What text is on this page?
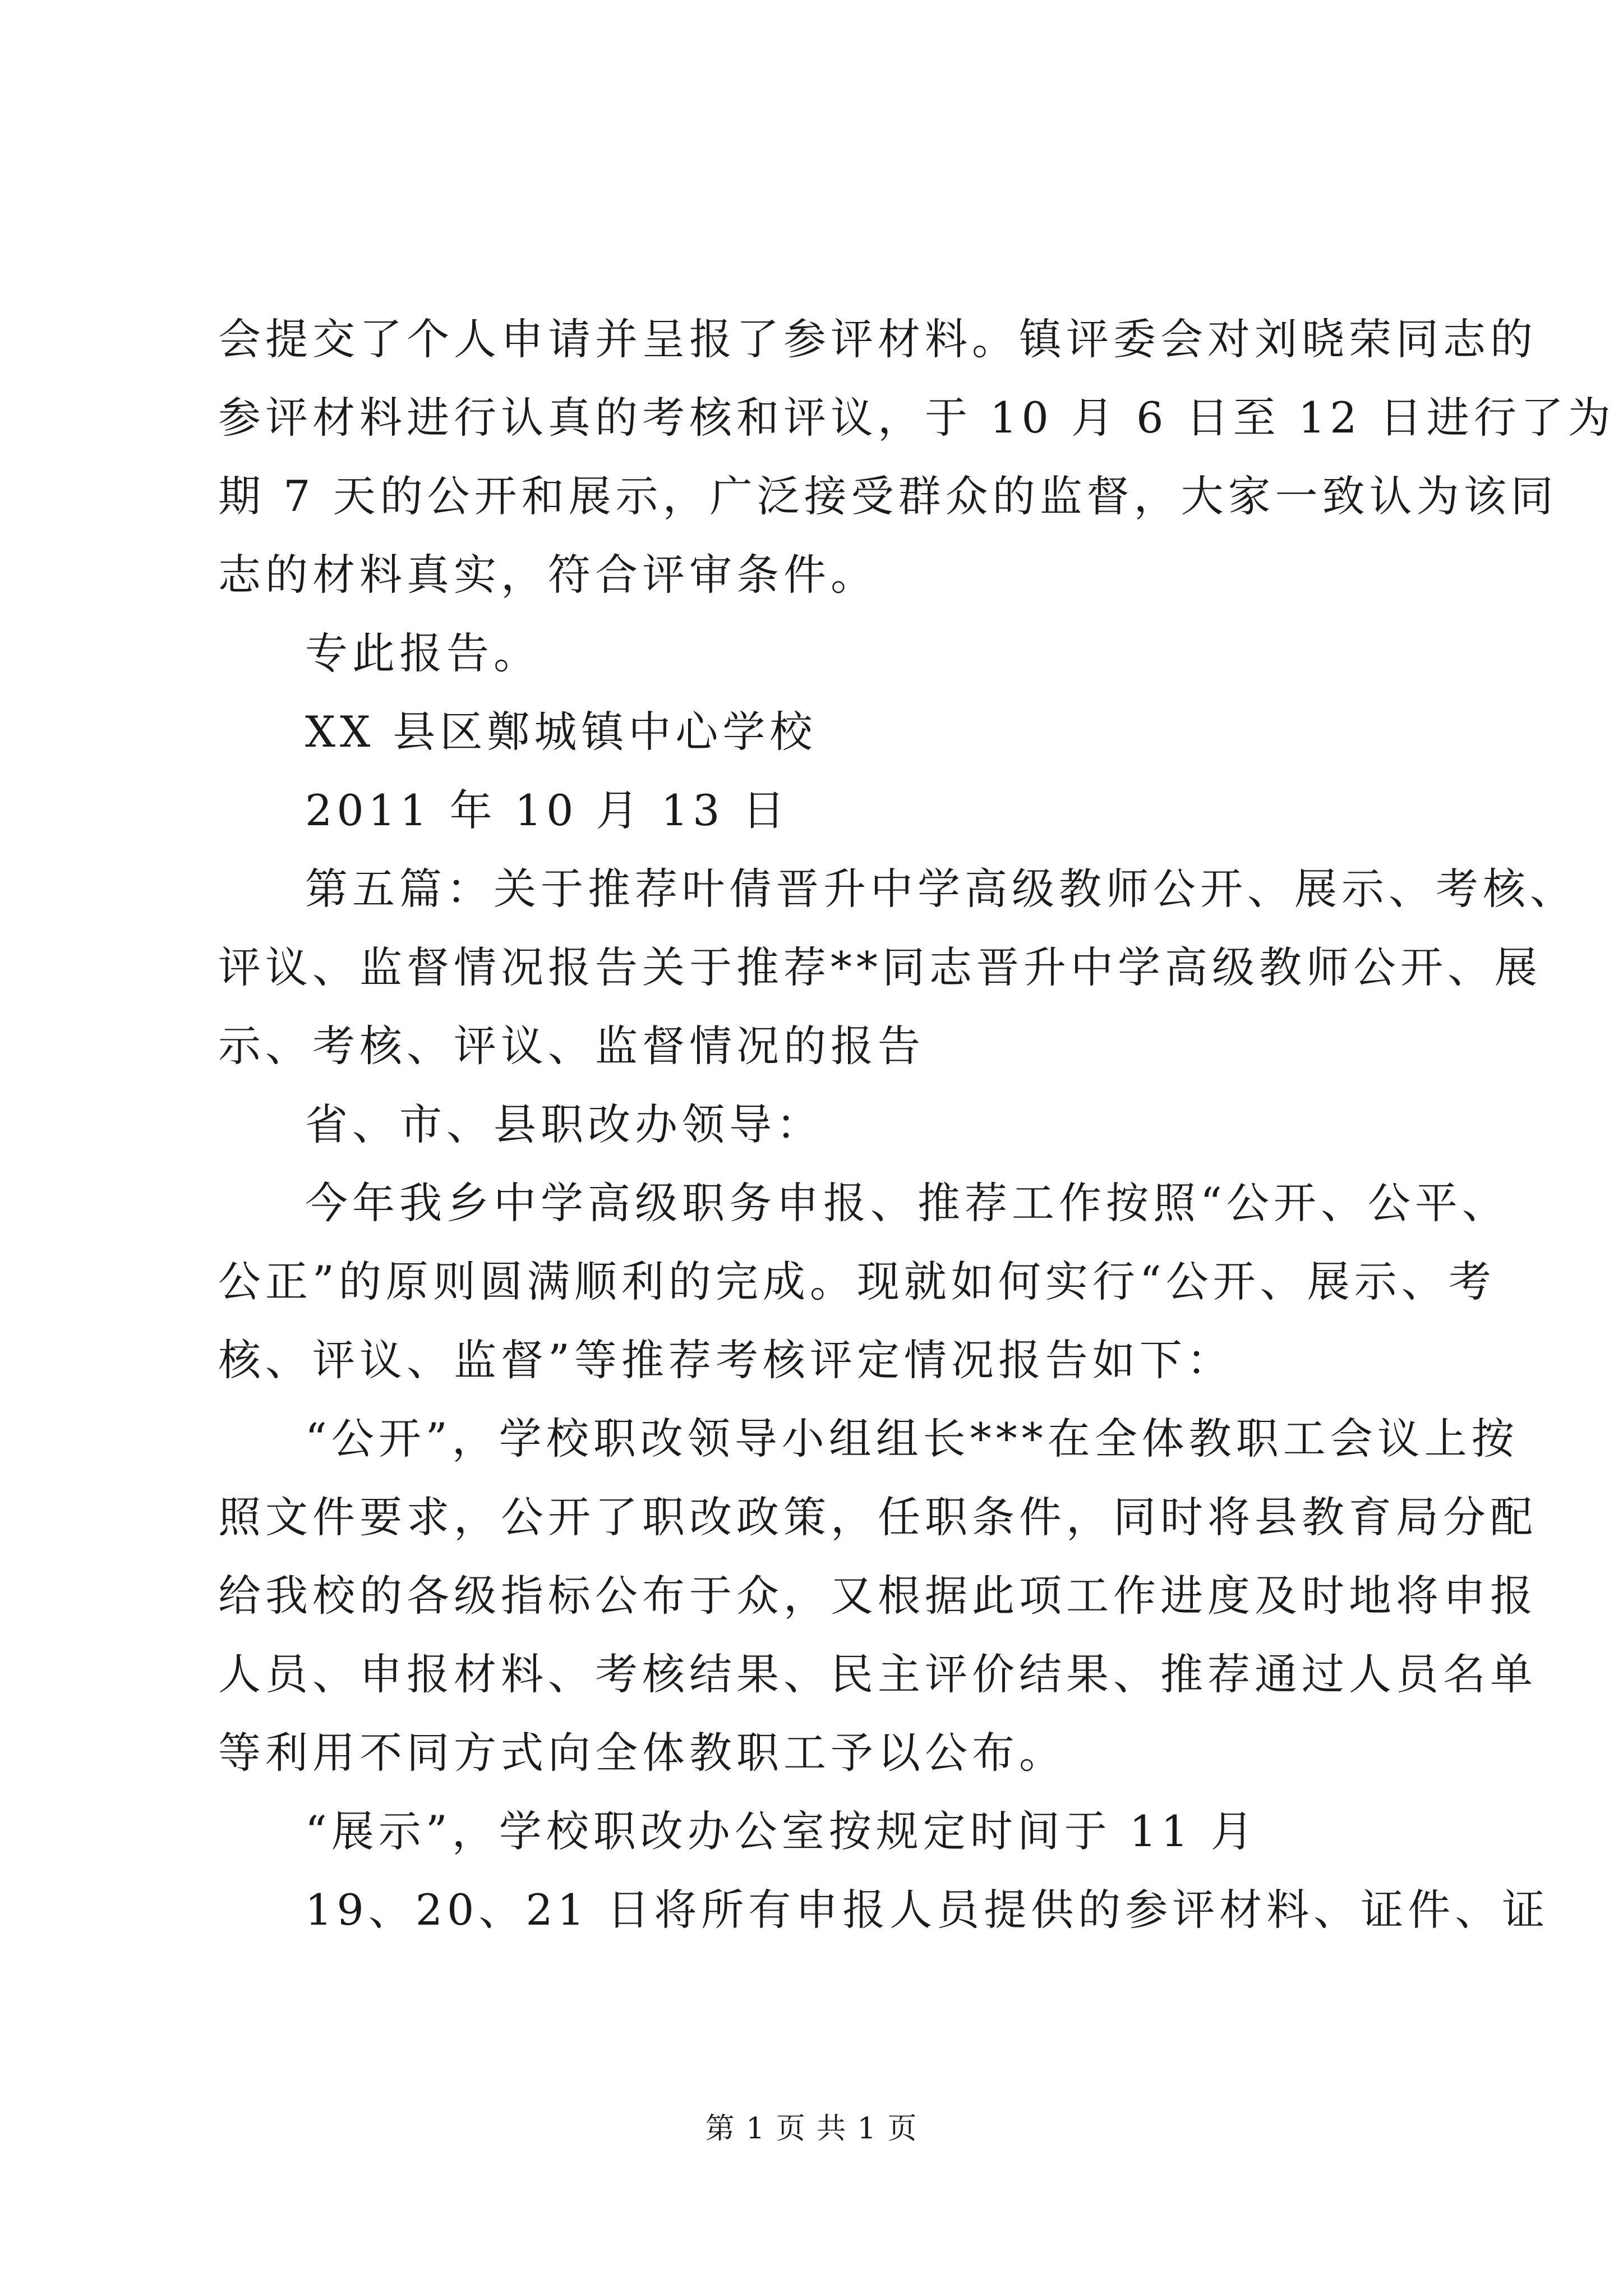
会提交了个人申请并呈报了参评材料。镇评委会对刘晓荣同志的
参评材料进行认真的考核和评议，于 10 月 6 日至 12 日进行了为
期 7 天的公开和展示，广泛接受群众的监督，大家一致认为该同
志的材料真实，符合评审条件。
专此报告。
XX 县区鄭城镇中心学校
2011 年 10 月 13 日
第五篇：关于推荐叶倩晋升中学高级教师公开、展示、考核、
评议、监督情况报告关于推荐**同志晋升中学高级教师公开、展
示、考核、评议、监督情况的报告
省、市、县职改办领导：
今年我乡中学高级职务申报、推荐工作按照“公开、公平、
公正”的原则圆满顺利的完成。现就如何实行“公开、展示、考
核、评议、监督”等推荐考核评定情况报告如下：
“公开”，学校职改领导小组组长***在全体教职工会议上按
照文件要求，公开了职改政策，任职条件，同时将县教育局分配
给我校的各级指标公布于众，又根据此项工作进度及时地将申报
人员、申报材料、考核结果、民主评价结果、推荐通过人员名单
等利用不同方式向全体教职工予以公布。
“展示”，学校职改办公室按规定时间于 11 月
19、20、21 日将所有申报人员提供的参评材料、证件、证
第 1 页 共 1 页
